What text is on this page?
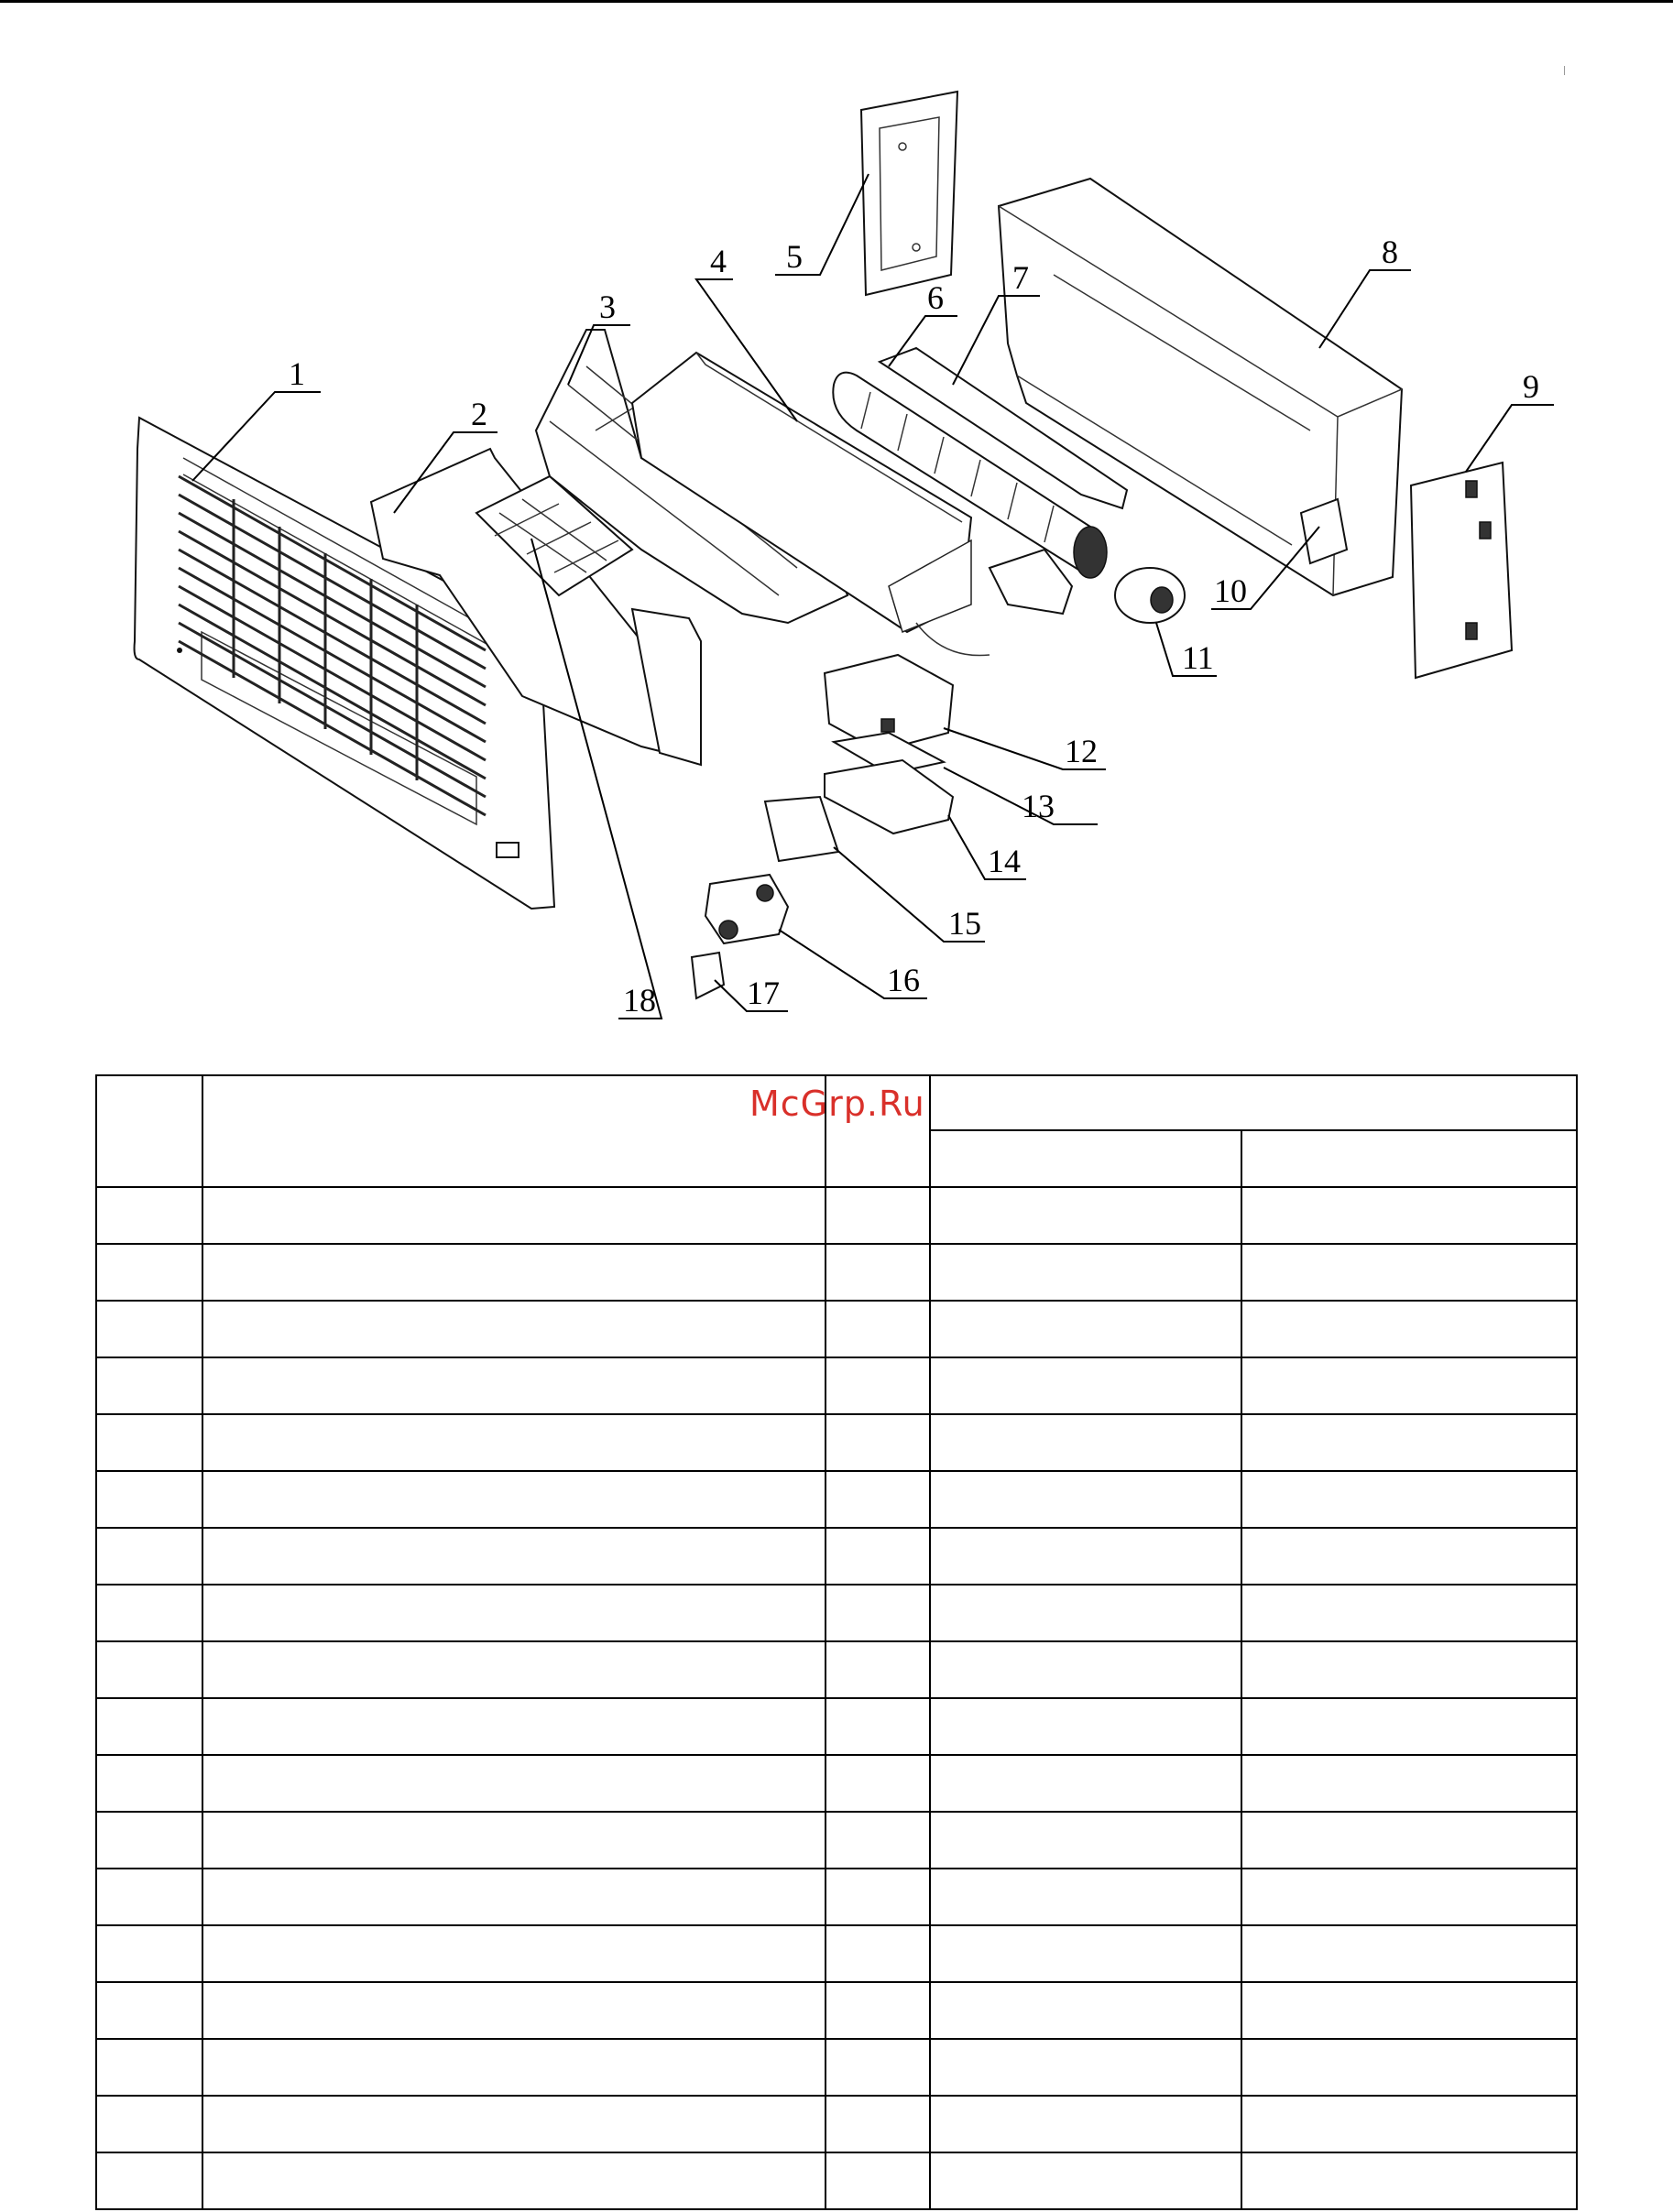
1
2
3
4 5
6
7
8
9
10
11
12
13
14
15
16
17
18

McGrp.Ru
